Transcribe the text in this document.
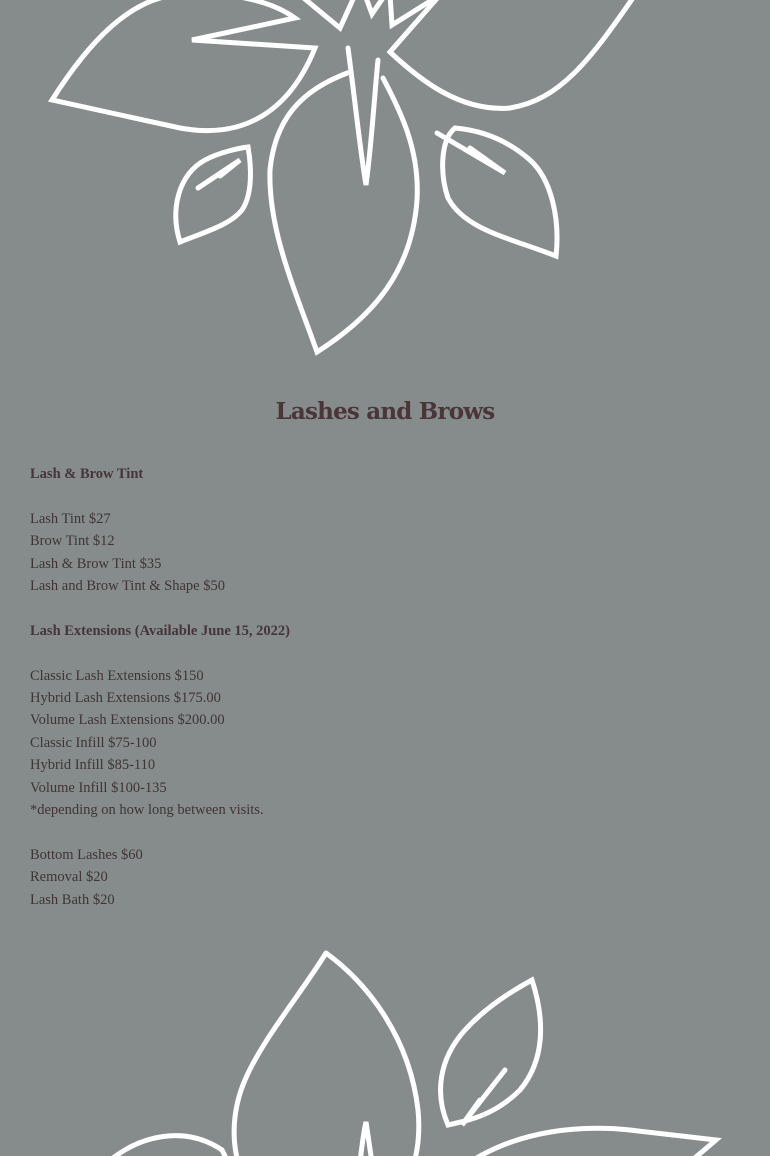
Lashes and Brows

Lash & Brow Tint

Lash Tint $27
Brow Tint $12
Lash & Brow Tint $35
Lash and Brow Tint & Shape $50

Lash Extensions (Available June 15, 2022)

Classic Lash Extensions $150
Hybrid Lash Extensions $175.00
Volume Lash Extensions $200.00
Classic Infill $75-100
Hybrid Infill $85-110
Volume Infill $100-135
*depending on how long between visits.
Bottom Lashes $60
Removal $20
Lash Bath $20
